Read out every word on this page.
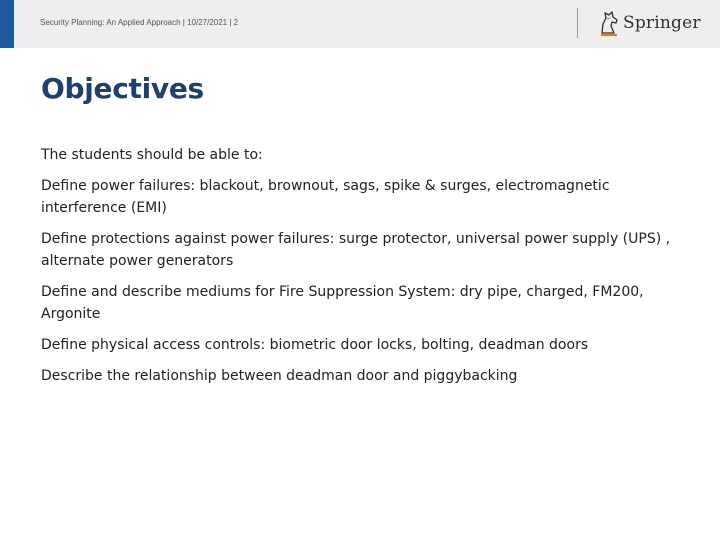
Security Planning: An Applied Approach | 10/27/2021 | 2	Springer
Objectives

The students should be able to:

Define power failures: blackout, brownout, sags, spike & surges, electromagnetic interference (EMI)

Define protections against power failures: surge protector, universal power supply (UPS) , alternate power generators

Define and describe mediums for Fire Suppression System: dry pipe, charged, FM200, Argonite

Define physical access controls: biometric door locks, bolting, deadman doors

Describe the relationship between deadman door and piggybacking
